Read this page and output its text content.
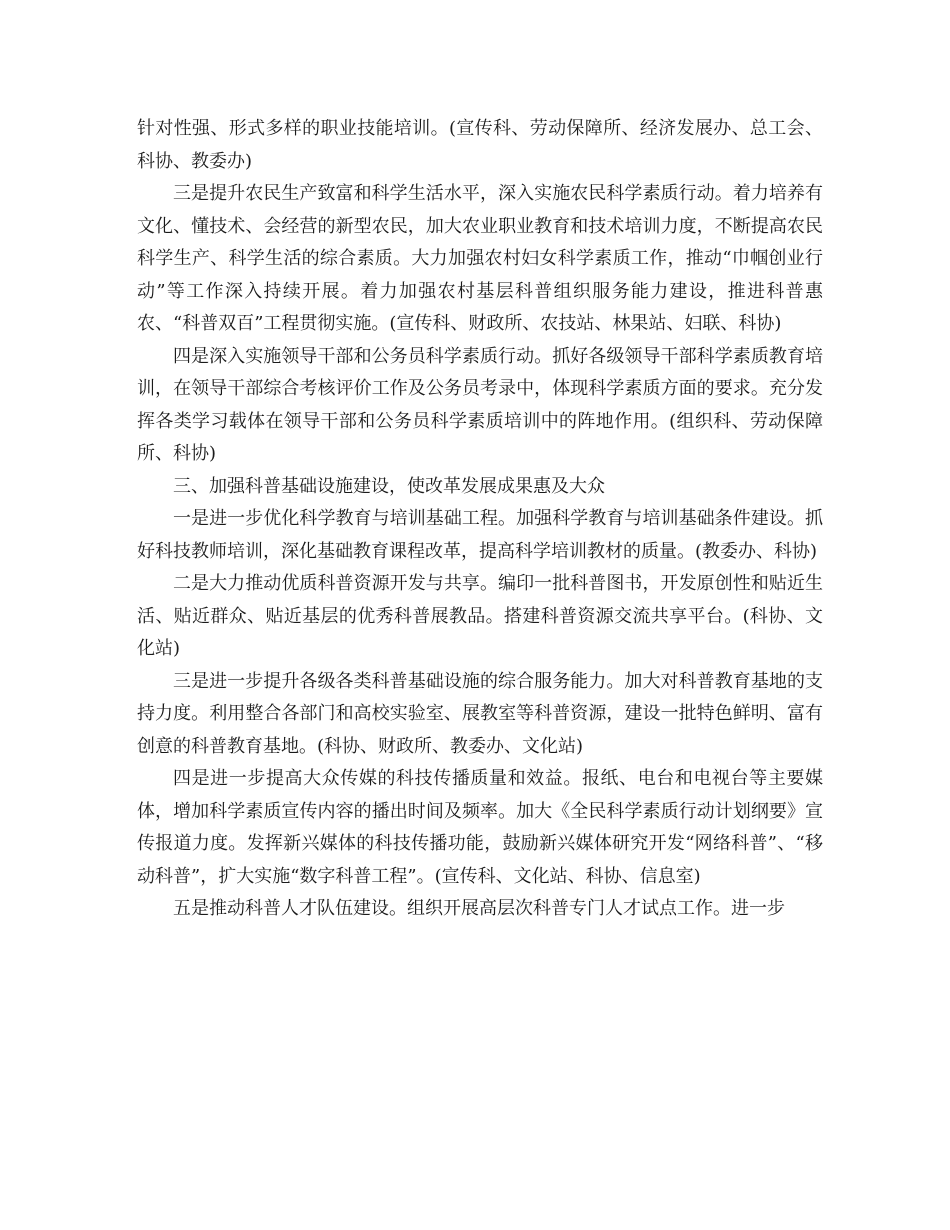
针对性强、形式多样的职业技能培训。(宣传科、劳动保障所、经济发展办、总工会、科协、教委办)

三是提升农民生产致富和科学生活水平，深入实施农民科学素质行动。着力培养有文化、懂技术、会经营的新型农民，加大农业职业教育和技术培训力度，不断提高农民科学生产、科学生活的综合素质。大力加强农村妇女科学素质工作，推动“巾帼创业行动”等工作深入持续开展。着力加强农村基层科普组织服务能力建设，推进科普惠农、“科普双百”工程贯彻实施。(宣传科、财政所、农技站、林果站、妇联、科协)

四是深入实施领导干部和公务员科学素质行动。抓好各级领导干部科学素质教育培训，在领导干部综合考核评价工作及公务员考录中，体现科学素质方面的要求。充分发挥各类学习载体在领导干部和公务员科学素质培训中的阵地作用。(组织科、劳动保障所、科协)

三、加强科普基础设施建设，使改革发展成果惠及大众

一是进一步优化科学教育与培训基础工程。加强科学教育与培训基础条件建设。抓好科技教师培训，深化基础教育课程改革，提高科学培训教材的质量。(教委办、科协)

二是大力推动优质科普资源开发与共享。编印一批科普图书，开发原创性和贴近生活、贴近群众、贴近基层的优秀科普展教品。搭建科普资源交流共享平台。(科协、文化站)

三是进一步提升各级各类科普基础设施的综合服务能力。加大对科普教育基地的支持力度。利用整合各部门和高校实验室、展教室等科普资源，建设一批特色鲜明、富有创意的科普教育基地。(科协、财政所、教委办、文化站)

四是进一步提高大众传媒的科技传播质量和效益。报纸、电台和电视台等主要媒体，增加科学素质宣传内容的播出时间及频率。加大《全民科学素质行动计划纲要》宣传报道力度。发挥新兴媒体的科技传播功能，鼓励新兴媒体研究开发“网络科普”、“移动科普”，扩大实施“数字科普工程”。(宣传科、文化站、科协、信息室)

五是推动科普人才队伍建设。组织开展高层次科普专门人才试点工作。进一步
